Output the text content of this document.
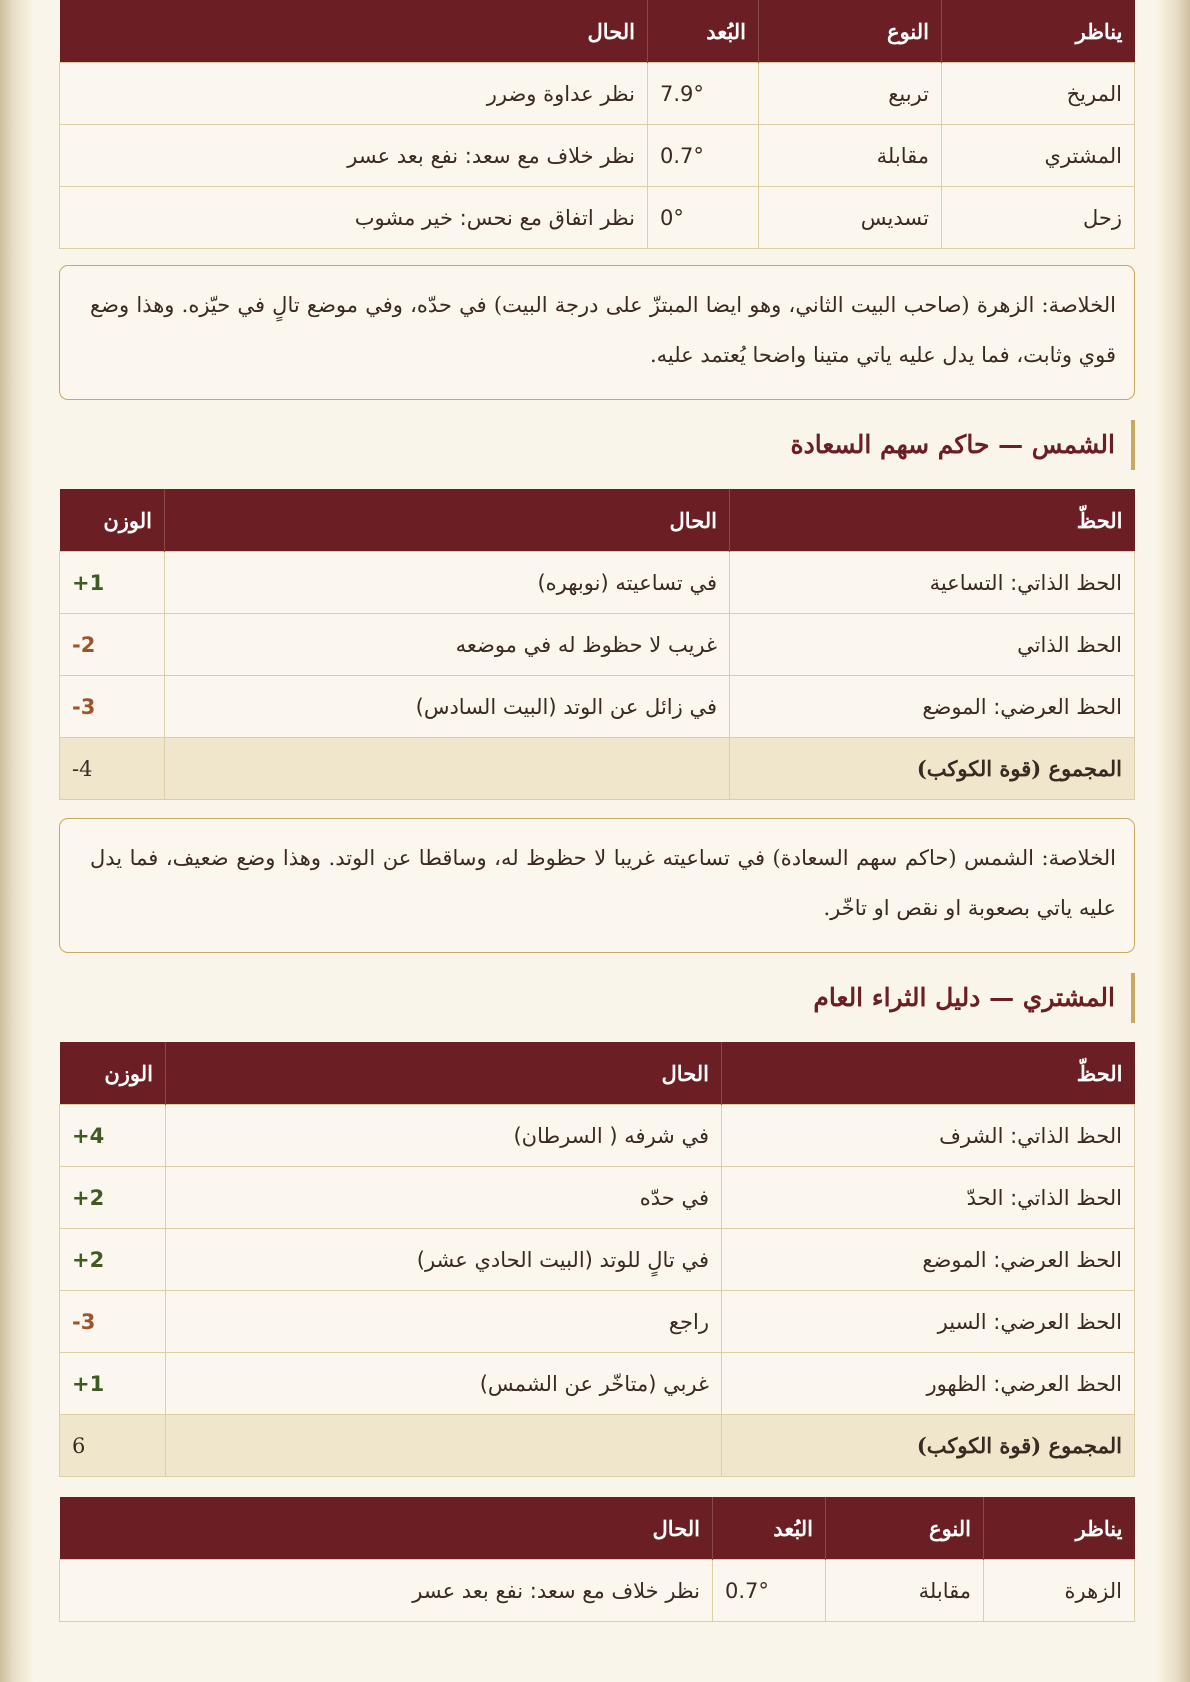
يناظر	النوع	البُعد	الحال
المريخ	تربيع	7.9°	نظر عداوة وضرر
المشتري	مقابلة	0.7°	نظر خلاف مع سعد: نفع بعد عسر
زحل	تسديس	0°	نظر اتفاق مع نحس: خير مشوب
الخلاصة: الزهرة (صاحب البيت الثاني، وهو ايضا المبتزّ على درجة البيت) في حدّه، وفي موضع تالٍ في حيّزه. وهذا وضع قوي وثابت، فما يدل عليه ياتي متينا واضحا يُعتمد عليه.
الشمس — حاكم سهم السعادة
الحظّ	الحال	الوزن
الحظ الذاتي: التساعية	في تساعيته (نوبهره)	1+
الحظ الذاتي	غريب لا حظوظ له في موضعه	2-
الحظ العرضي: الموضع	في زائل عن الوتد (البيت السادس)	3-
المجموع (قوة الكوكب)		4-
الخلاصة: الشمس (حاكم سهم السعادة) في تساعيته غريبا لا حظوظ له، وساقطا عن الوتد. وهذا وضع ضعيف، فما يدل عليه ياتي بصعوبة او نقص او تاخّر.
المشتري — دليل الثراء العام
الحظّ	الحال	الوزن
الحظ الذاتي: الشرف	في شرفه ( السرطان)	4+
الحظ الذاتي: الحدّ	في حدّه	2+
الحظ العرضي: الموضع	في تالٍ للوتد (البيت الحادي عشر)	2+
الحظ العرضي: السير	راجع	3-
الحظ العرضي: الظهور	غربي (متاخّر عن الشمس)	1+
المجموع (قوة الكوكب)		6
يناظر	النوع	البُعد	الحال
الزهرة	مقابلة	0.7°	نظر خلاف مع سعد: نفع بعد عسر
